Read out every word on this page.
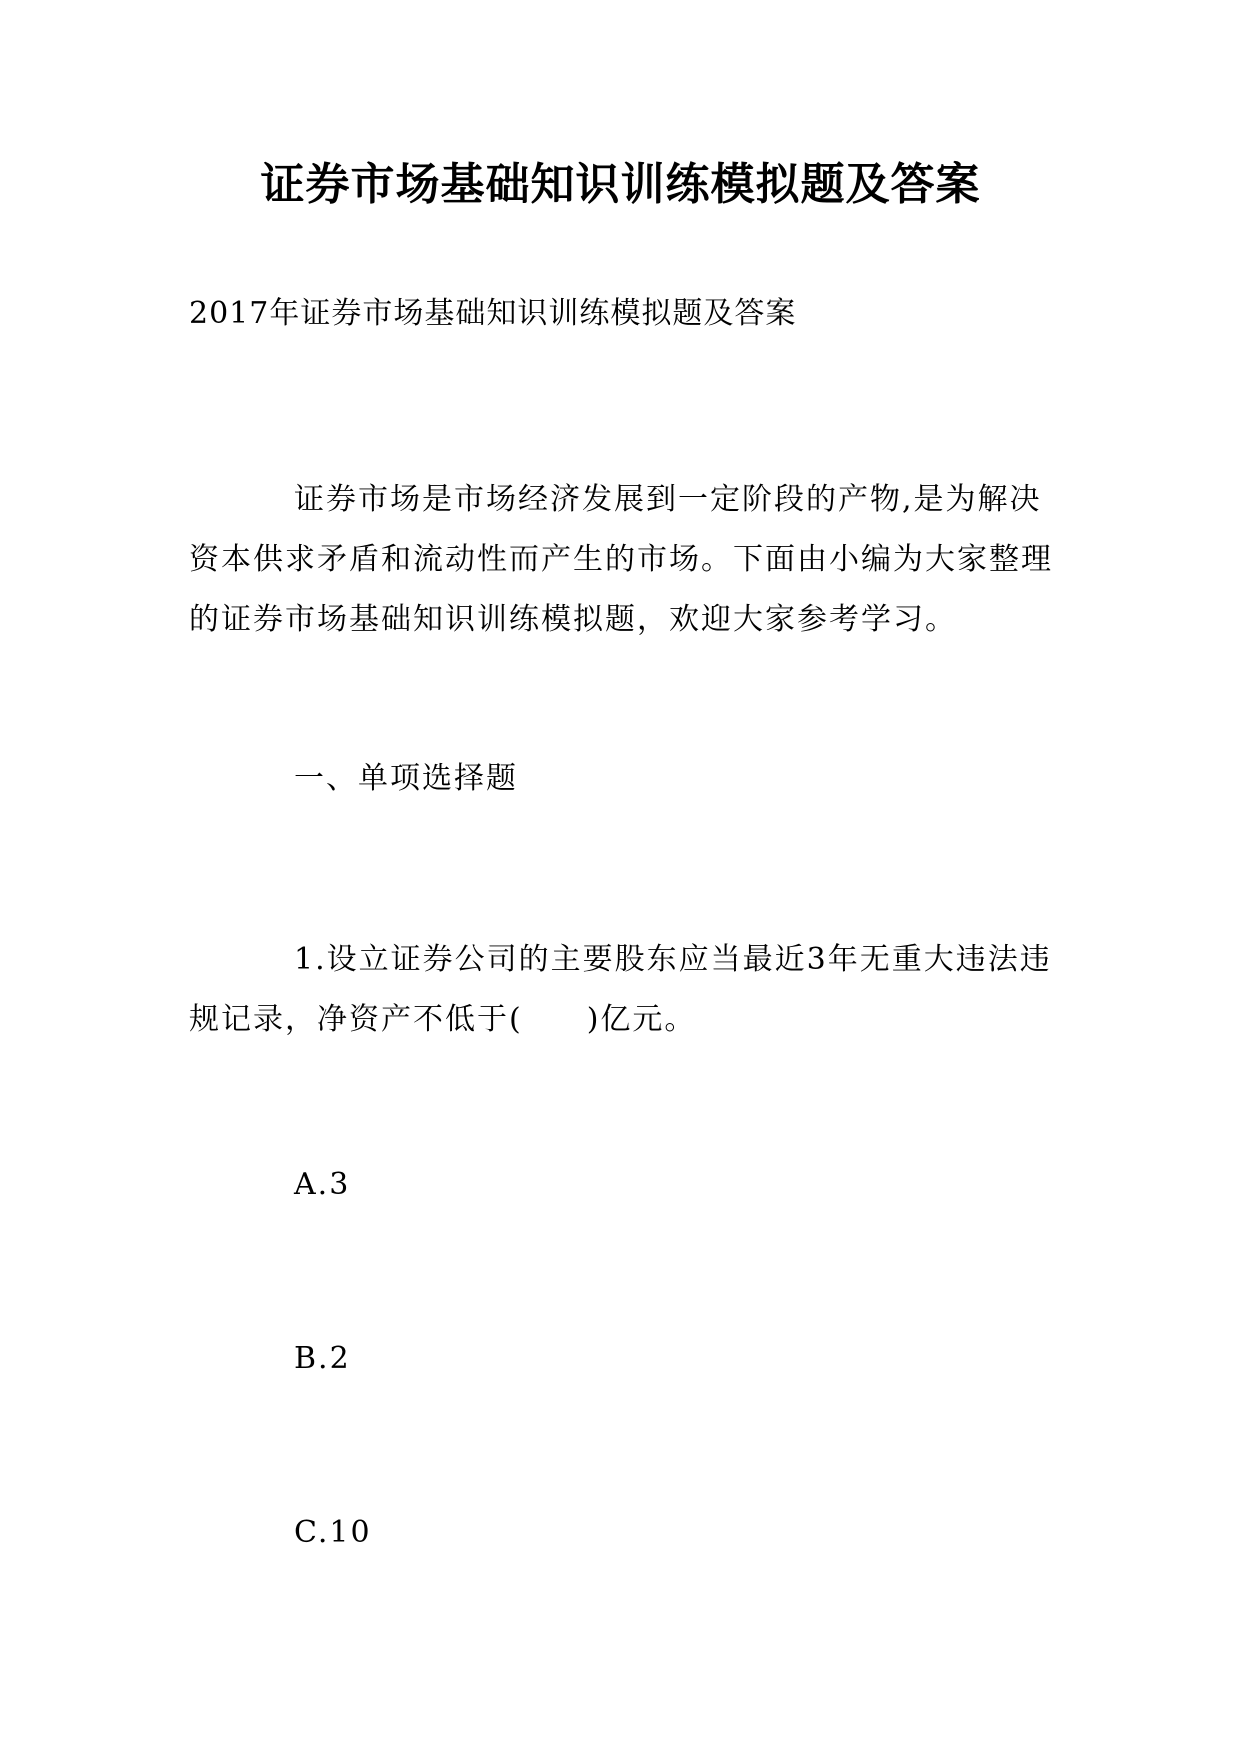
证券市场基础知识训练模拟题及答案
2017年证券市场基础知识训练模拟题及答案

证券市场是市场经济发展到一定阶段的产物,是为解决资本供求矛盾和流动性而产生的市场。下面由小编为大家整理的证券市场基础知识训练模拟题，欢迎大家参考学习。

一、单项选择题

1.设立证券公司的主要股东应当最近3年无重大违法违规记录，净资产不低于(　　)亿元。

A.3

B.2

C.10
